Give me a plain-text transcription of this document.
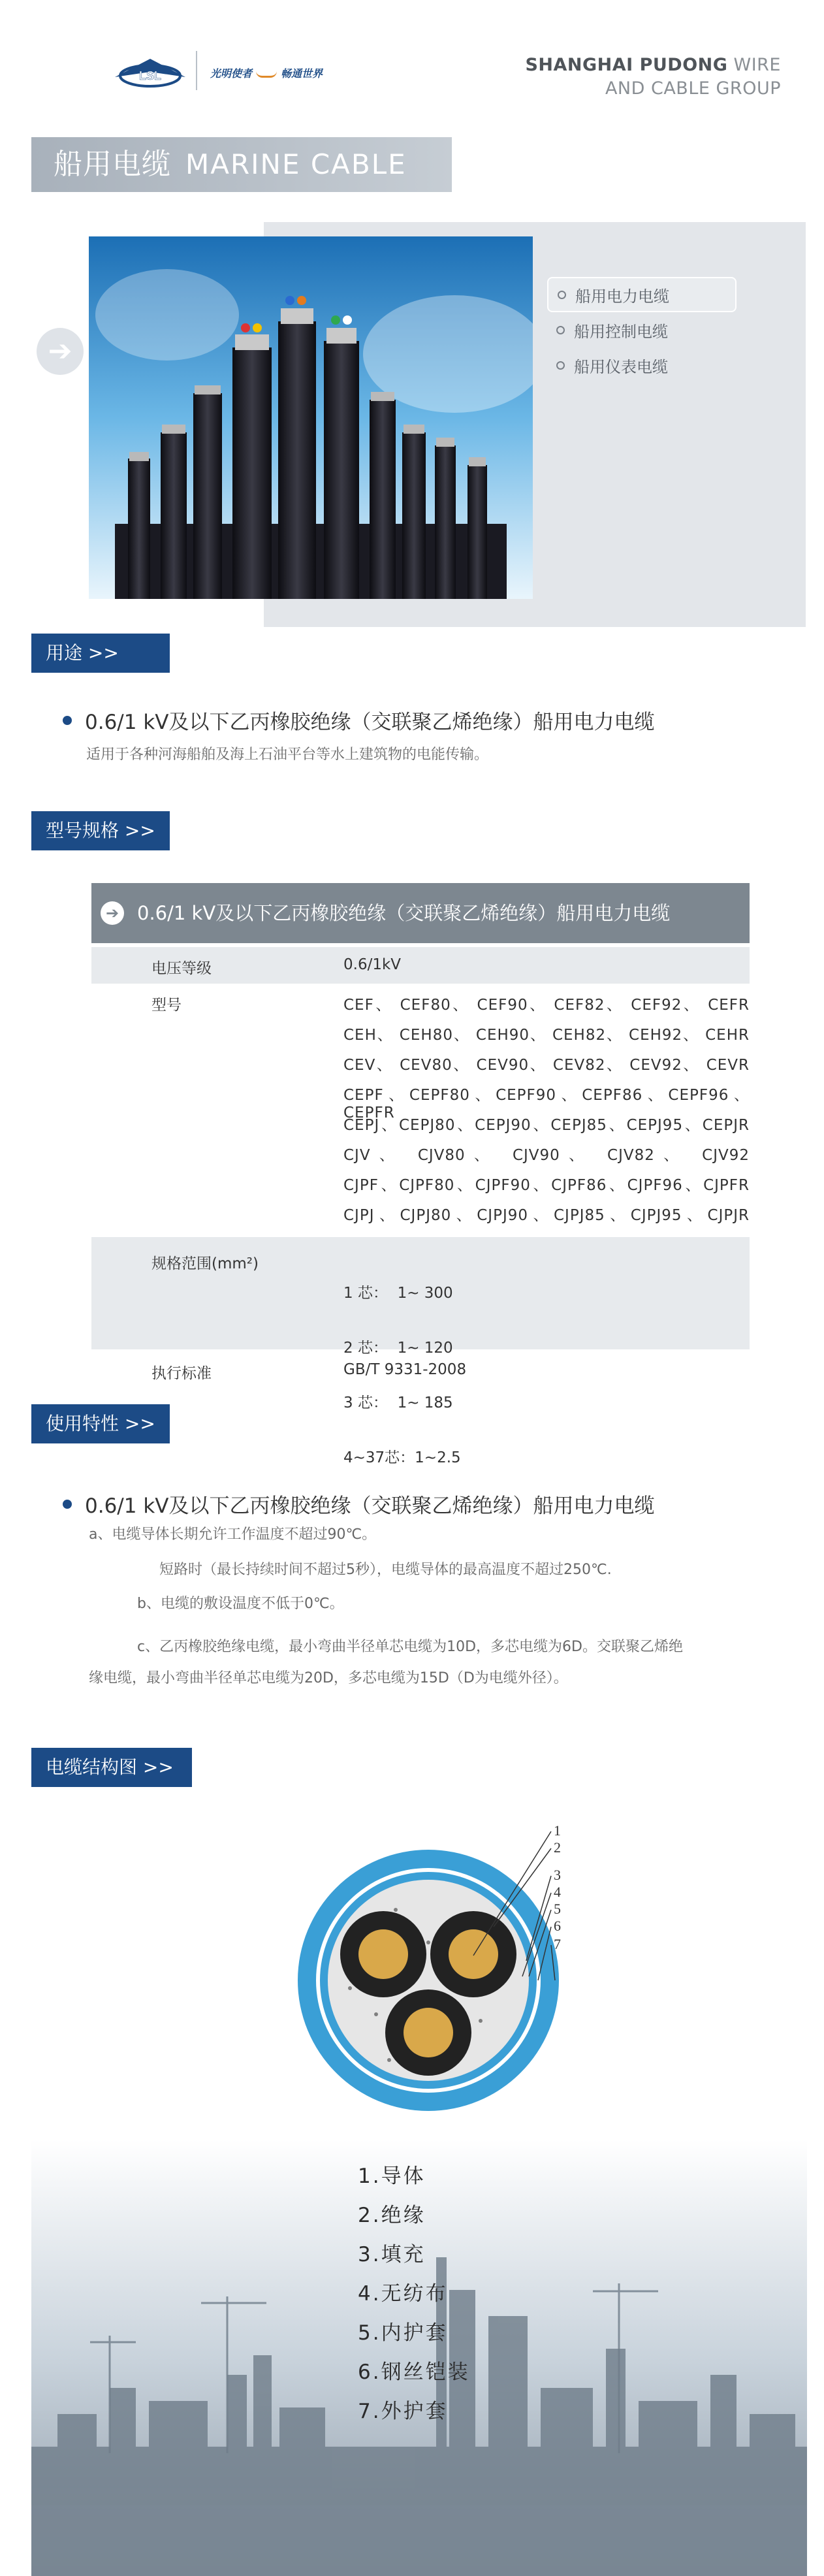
LSL	光明使者	畅通世界	SHANGHAI PUDONG WIRE
AND CABLE GROUP
船用电缆 MARINE CABLE
➔
船用电力电缆
船用控制电缆
船用仪表电缆
用途 >>
0.6/1 kV及以下乙丙橡胶绝缘（交联聚乙烯绝缘）船用电力电缆
适用于各种河海船舶及海上石油平台等水上建筑物的电能传输。
型号规格 >>
➔ 0.6/1 kV及以下乙丙橡胶绝缘（交联聚乙烯绝缘）船用电力电缆
电压等级	0.6/1kV
型号	CEF、 CEF80、 CEF90、 CEF82、 CEF92、 CEFR
CEH、 CEH80、 CEH90、 CEH82、 CEH92、 CEHR
CEV、 CEV80、 CEV90、 CEV82、 CEV92、 CEVR
CEPF、CEPF80、CEPF90、CEPF86、CEPF96、CEPFR
CEPJ、CEPJ80、CEPJ90、CEPJ85、CEPJ95、CEPJR
CJV、 CJV80、 CJV90、 CJV82、 CJV92
CJPF、CJPF80、CJPF90、CJPF86、CJPF96、CJPFR
CJPJ、CJPJ80、CJPJ90、CJPJ85、CJPJ95、CJPJR
规格范围(mm²)

1 芯：  1~ 300

2 芯：  1~ 120

3 芯：  1~ 185

4~37芯：1~2.5

执行标准	GB/T 9331-2008
使用特性 >>
0.6/1 kV及以下乙丙橡胶绝缘（交联聚乙烯绝缘）船用电力电缆
a、电缆导体长期允许工作温度不超过90℃。
短路时（最长持续时间不超过5秒），电缆导体的最高温度不超过250℃.
b、电缆的敷设温度不低于0℃。
c、乙丙橡胶绝缘电缆，最小弯曲半径单芯电缆为10D，多芯电缆为6D。交联聚乙烯绝
缘电缆，最小弯曲半径单芯电缆为20D，多芯电缆为15D（D为电缆外径）。
电缆结构图 >>
1
2
3
4
5
6
7
1.导体
2.绝缘
3.填充
4.无纺布
5.内护套
6.钢丝铠装
7.外护套
